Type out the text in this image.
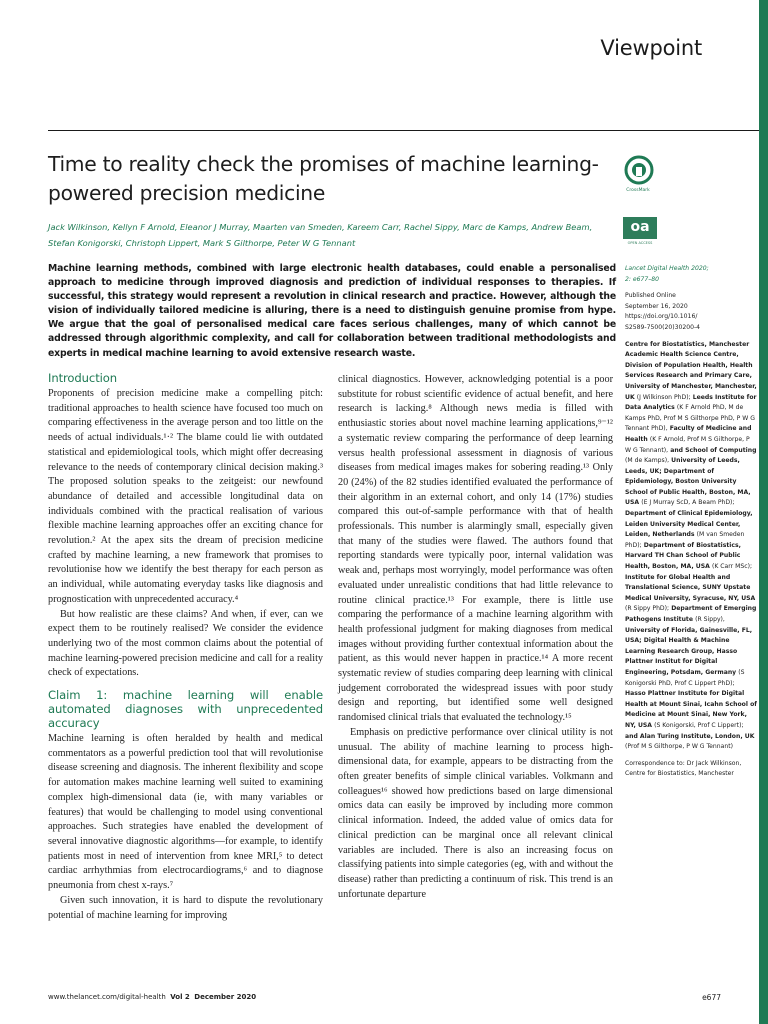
Viewpoint
Time to reality check the promises of machine learning-powered precision medicine
Jack Wilkinson, Kellyn F Arnold, Eleanor J Murray, Maarten van Smeden, Kareem Carr, Rachel Sippy, Marc de Kamps, Andrew Beam,
Stefan Konigorski, Christoph Lippert, Mark S Gilthorpe, Peter W G Tennant
CrossMark
oa
OPEN ACCESS
Machine learning methods, combined with large electronic health databases, could enable a personalised approach to medicine through improved diagnosis and prediction of individual responses to therapies. If successful, this strategy would represent a revolution in clinical research and practice. However, although the vision of individually tailored medicine is alluring, there is a need to distinguish genuine promise from hype. We argue that the goal of personalised medical care faces serious challenges, many of which cannot be addressed through algorithmic complexity, and call for collaboration between traditional methodologists and experts in medical machine learning to avoid extensive research waste.
Introduction

Proponents of precision medicine make a compelling pitch: traditional approaches to health science have focused too much on comparing effectiveness in the average person and too little on the needs of actual individuals.¹·² The blame could lie with outdated statistical and epidemiological tools, which might offer decreasing relevance to the needs of contemporary clinical decision making.³ The proposed solution speaks to the zeitgeist: our newfound abundance of detailed and accessible longitudinal data on individuals combined with the practical realisation of various flexible machine learning approaches offer an exciting chance for revolution.² At the apex sits the dream of precision medicine crafted by machine learning, a new framework that promises to revolutionise how we identify the best therapy for each person as an individual, while automating everyday tasks like diagnosis and prognostication with unprecedented accuracy.⁴

But how realistic are these claims? And when, if ever, can we expect them to be routinely realised? We consider the evidence underlying two of the most common claims about the potential of machine learning-powered precision medicine and call for a reality check of expectations.

Claim 1: machine learning will enable automated diagnoses with unprecedented accuracy

Machine learning is often heralded by health and medical commentators as a powerful prediction tool that will revolutionise disease screening and diagnosis. The inherent flexibility and scope for automation makes machine learning well suited to examining complex high-dimensional data (ie, with many variables or features) that would be challenging to model using conventional approaches. Such strategies have enabled the development of several innovative diagnostic algorithms—for example, to identify patients most in need of intervention from knee MRI,⁵ to detect cardiac arrhythmias from electrocardiograms,⁶ and to diagnose pneumonia from chest x-rays.⁷

Given such innovation, it is hard to dispute the revolutionary potential of machine learning for improving

clinical diagnostics. However, acknowledging potential is a poor substitute for robust scientific evidence of actual benefit, and here research is lacking.⁸ Although news media is filled with enthusiastic stories about novel machine learning applications,⁹⁻¹² a systematic review comparing the performance of deep learning versus health professional assessment in diagnosis of various diseases from medical images makes for sobering reading.¹³ Only 20 (24%) of the 82 studies identified evaluated the performance of their algorithm in an external cohort, and only 14 (17%) studies compared this out-of-sample performance with that of health professionals. This number is alarmingly small, especially given that many of the studies were flawed. The authors found that reporting standards were typically poor, internal validation was weak and, perhaps most worryingly, model performance was often evaluated under unrealistic conditions that had little relevance to routine clinical practice.¹³ For example, there is little use comparing the performance of a machine learning algorithm with health professional judgment for making diagnoses from medical images without providing further contextual information about the patient, as this would never happen in practice.¹⁴ A more recent systematic review of studies comparing deep learning with clinical judgement corroborated the widespread issues with poor study design and reporting, but identified some well designed randomised clinical trials that evaluated the technology.¹⁵

Emphasis on predictive performance over clinical utility is not unusual. The ability of machine learning to process high-dimensional data, for example, appears to be distracting from the often greater benefits of simple clinical variables. Volkmann and colleagues¹⁶ showed how predictions based on large dimensional omics data can easily be improved by including more common clinical information. Indeed, the added value of omics data for clinical prediction can be marginal once all relevant clinical variables are included. There is also an increasing focus on classifying patients into simple categories (eg, with and without the disease) rather than predicting a continuum of risk. This trend is an unfortunate departure

Lancet Digital Health 2020;
2: e677–80
Published Online
September 16, 2020
https://doi.org/10.1016/
S2589-7500(20)30200-4
Centre for Biostatistics, Manchester Academic Health Science Centre, Division of Population Health, Health Services Research and Primary Care, University of Manchester, Manchester, UK (J Wilkinson PhD); Leeds Institute for Data Analytics (K F Arnold PhD, M de Kamps PhD, Prof M S Gilthorpe PhD, P W G Tennant PhD), Faculty of Medicine and Health (K F Arnold, Prof M S Gilthorpe, P W G Tennant), and School of Computing (M de Kamps), University of Leeds, Leeds, UK; Department of Epidemiology, Boston University School of Public Health, Boston, MA, USA (E J Murray ScD, A Beam PhD); Department of Clinical Epidemiology, Leiden University Medical Center, Leiden, Netherlands (M van Smeden PhD); Department of Biostatistics, Harvard TH Chan School of Public Health, Boston, MA, USA (K Carr MSc); Institute for Global Health and Translational Science, SUNY Upstate Medical University, Syracuse, NY, USA (R Sippy PhD); Department of Emerging Pathogens Institute (R Sippy), University of Florida, Gainesville, FL, USA; Digital Health & Machine Learning Research Group, Hasso Plattner Institut for Digital Engineering, Potsdam, Germany (S Konigorski PhD, Prof C Lippert PhD); Hasso Plattner Institute for Digital Health at Mount Sinai, Icahn School of Medicine at Mount Sinai, New York, NY, USA (S Konigorski, Prof C Lippert); and Alan Turing Institute, London, UK (Prof M S Gilthorpe, P W G Tennant)
Correspondence to: Dr Jack Wilkinson, Centre for Biostatistics, Manchester
www.thelancet.com/digital-health Vol 2 December 2020	e677
